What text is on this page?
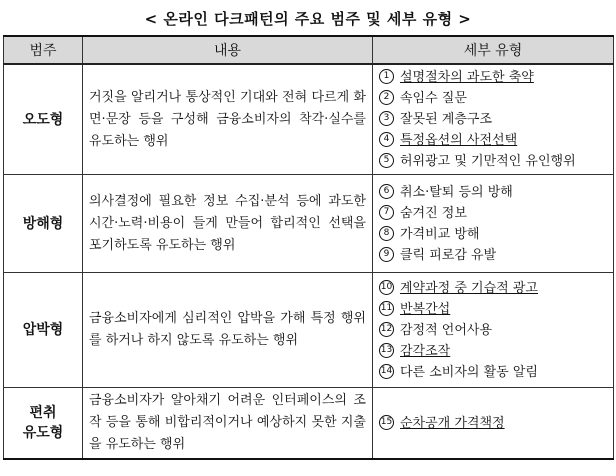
< 온라인 다크패턴의 주요 범주 및 세부 유형 >
범주	내용	세부 유형
오도형	거짓을 알리거나 통상적인 기대와 전혀 다르게 화면·문장 등을 구성해 금융소비자의 착각·실수를 유도하는 행위	1 설명절차의 과도한 축약
2 속임수 질문
3 잘못된 계층구조
4 특정옵션의 사전선택
5 허위광고 및 기만적인 유인행위

방해형	의사결정에 필요한 정보 수집·분석 등에 과도한 시간·노력·비용이 들게 만들어 합리적인 선택을 포기하도록 유도하는 행위	6 취소·탈퇴 등의 방해
7 숨겨진 정보
8 가격비교 방해
9 클릭 피로감 유발

압박형	금융소비자에게 심리적인 압박을 가해 특정 행위를 하거나 하지 않도록 유도하는 행위	10 계약과정 중 기습적 광고
11 반복간섭
12 감정적 언어사용
13 감각조작
14 다른 소비자의 활동 알림

편취
유도형	금융소비자가 알아채기 어려운 인터페이스의 조작 등을 통해 비합리적이거나 예상하지 못한 지출을 유도하는 행위	15 순차공개 가격책정
